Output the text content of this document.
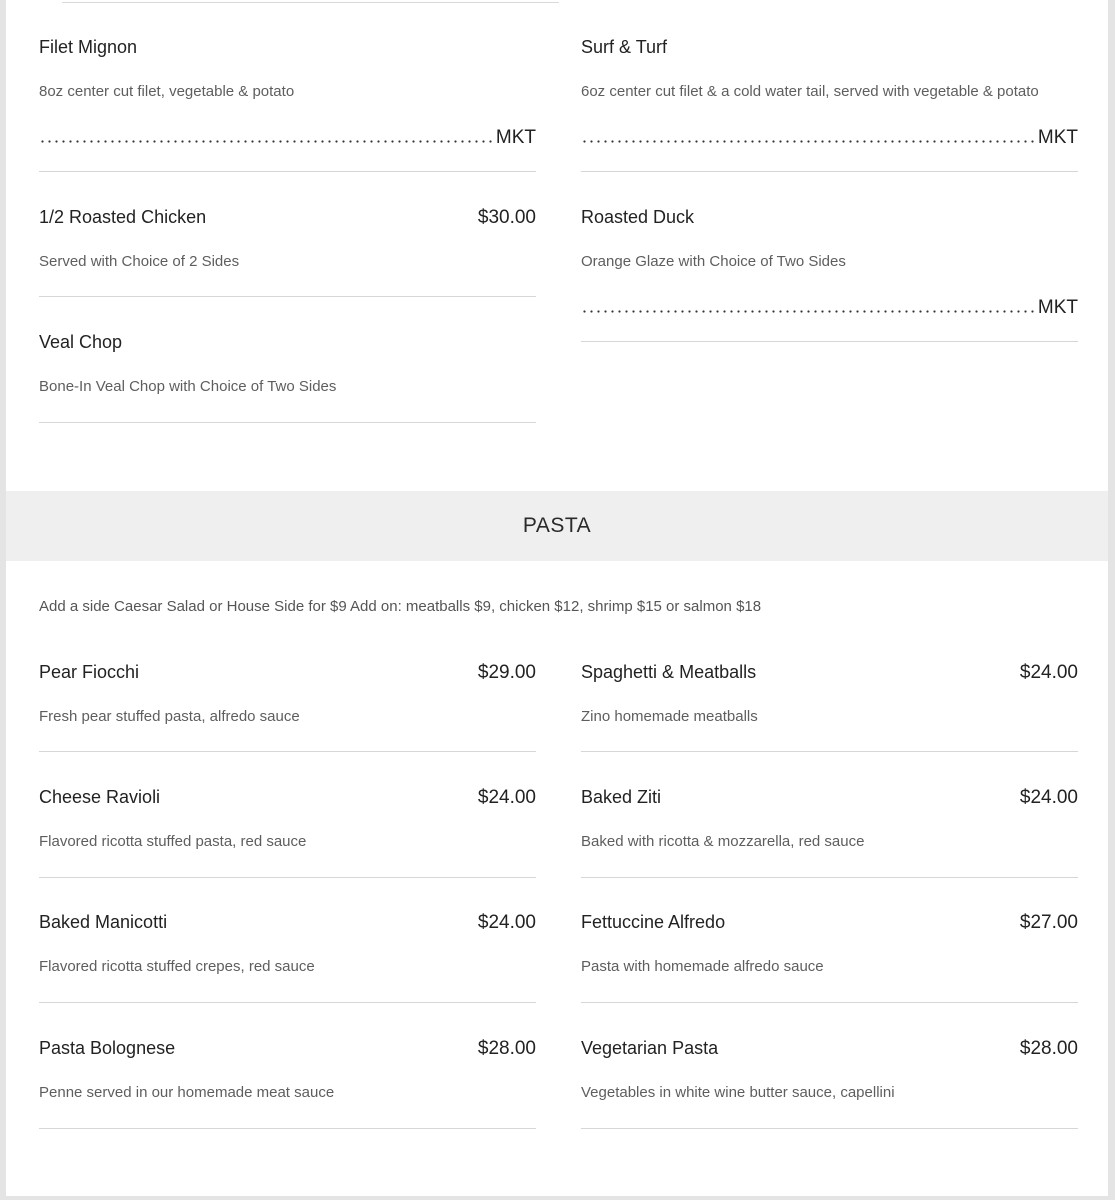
Filet Mignon
8oz center cut filet, vegetable & potato
MKT
Surf & Turf
6oz center cut filet & a cold water tail, served with vegetable & potato
MKT
1/2 Roasted Chicken	$30.00
Served with Choice of 2 Sides
Roasted Duck
Orange Glaze with Choice of Two Sides
MKT
Veal Chop
Bone-In Veal Chop with Choice of Two Sides
PASTA
Add a side Caesar Salad or House Side for $9 Add on: meatballs $9, chicken $12, shrimp $15 or salmon $18
Pear Fiocchi	$29.00
Fresh pear stuffed pasta, alfredo sauce
Spaghetti & Meatballs	$24.00
Zino homemade meatballs
Cheese Ravioli	$24.00
Flavored ricotta stuffed pasta, red sauce
Baked Ziti	$24.00
Baked with ricotta & mozzarella, red sauce
Baked Manicotti	$24.00
Flavored ricotta stuffed crepes, red sauce
Fettuccine Alfredo	$27.00
Pasta with homemade alfredo sauce
Pasta Bolognese	$28.00
Penne served in our homemade meat sauce
Vegetarian Pasta	$28.00
Vegetables in white wine butter sauce, capellini
